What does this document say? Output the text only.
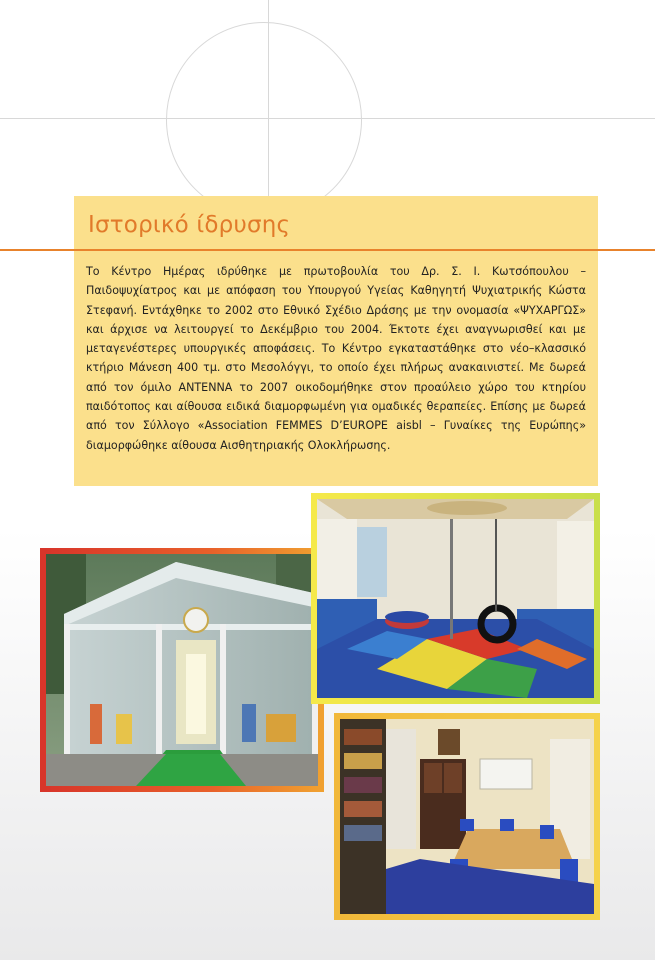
Ιστορικό ίδρυσης

Το Κέντρο Ημέρας ιδρύθηκε με πρωτοβουλία του Δρ. Σ. Ι. Κωτσόπουλου – Παιδοψυχίατρος και με απόφαση του Υπουργού Υγείας Καθηγητή Ψυχιατρικής Κώστα Στεφανή. Εντάχθηκε το 2002 στο Εθνικό Σχέδιο Δράσης με την ονομασία «ΨΥΧΑΡΓΩΣ» και άρχισε να λειτουργεί το Δεκέμβριο του 2004. Έκτοτε έχει αναγνωρισθεί και με μεταγενέστερες υπουργικές αποφάσεις. Το Κέντρο εγκαταστάθηκε στο νέο–κλασσικό κτήριο Μάνεση 400 τμ. στο Μεσολόγγι, το οποίο έχει πλήρως ανακαινιστεί. Με δωρεά από τον όμιλο ΑΝΤΕΝΝΑ το 2007 οικοδομήθηκε στον προαύλειο χώρο του κτηρίου παιδότοπος και αίθουσα ειδικά διαμορφωμένη για ομαδικές θεραπείες. Επίσης με δωρεά από τον Σύλλογο «Association FEMMES D’EUROPE aisbl – Γυναίκες της Ευρώπης» διαμορφώθηκε αίθουσα Αισθητηριακής Ολοκλήρωσης.
